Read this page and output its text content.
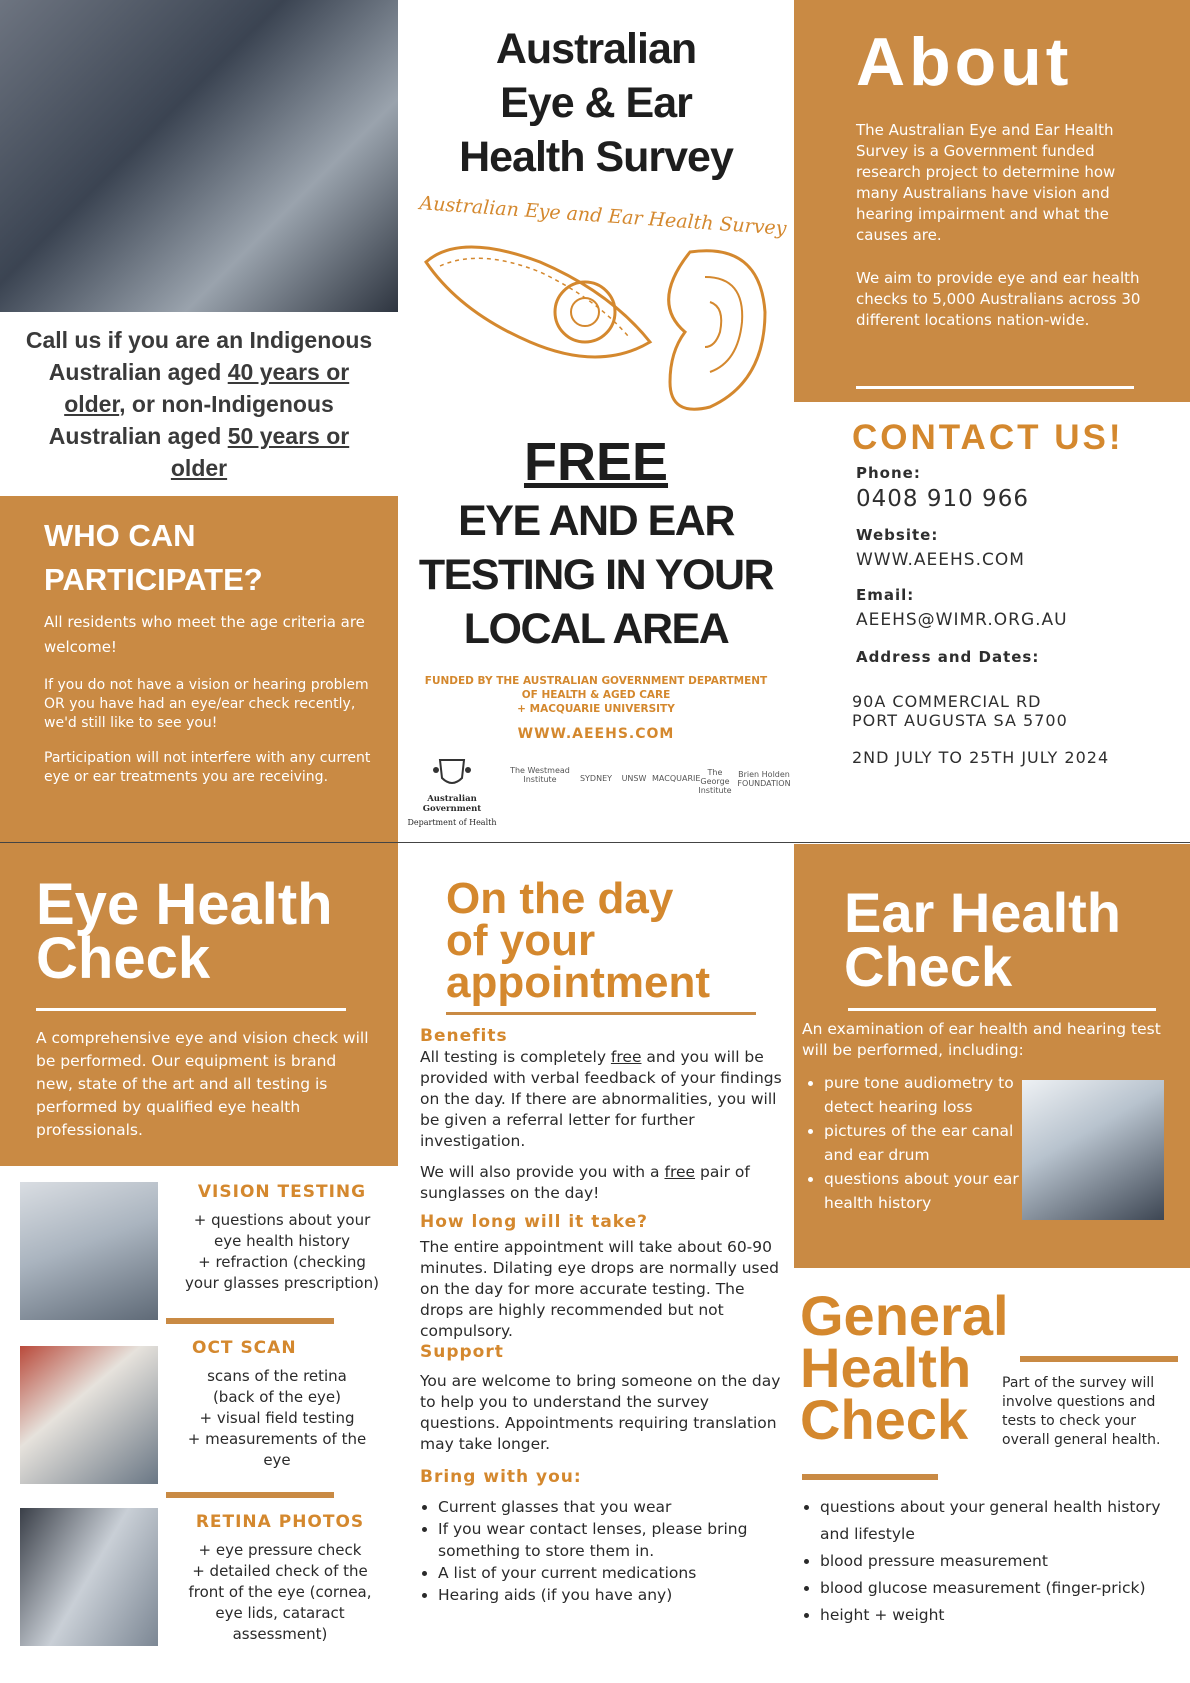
Call us if you are an Indigenous
Australian aged 40 years or
older, or non-Indigenous
Australian aged 50 years or
older
WHO CAN
PARTICIPATE?
All residents who meet the age criteria are welcome!
If you do not have a vision or hearing problem OR you have had an eye/ear check recently, we'd still like to see you!
Participation will not interfere with any current eye or ear treatments you are receiving.
Australian
Eye & Ear
Health Survey
Australian Eye and Ear Health Survey
FREE
EYE AND EAR
TESTING IN YOUR
LOCAL AREA
FUNDED BY THE AUSTRALIAN GOVERNMENT DEPARTMENT
OF HEALTH & AGED CARE
+ MACQUARIE UNIVERSITY
WWW.AEEHS.COM
Australian Government
Department of Health
The Westmead Institute	SYDNEY	UNSW MACQUARIE
The George Institute
Brien Holden FOUNDATION
About
The Australian Eye and Ear Health Survey is a Government funded research project to determine how many Australians have vision and hearing impairment and what the causes are.
We aim to provide eye and ear health checks to 5,000 Australians across 30 different locations nation-wide.
CONTACT US!
Phone:
0408 910 966
Website:
WWW.AEEHS.COM
Email:
AEEHS@WIMR.ORG.AU
Address and Dates:
90A COMMERCIAL RD
PORT AUGUSTA SA 5700
2ND JULY TO 25TH JULY 2024
Eye Health
Check
A comprehensive eye and vision check will be performed. Our equipment is brand new, state of the art and all testing is performed by qualified eye health professionals.
VISION TESTING
+ questions about your
eye health history
+ refraction (checking
your glasses prescription)
OCT SCAN
scans of the retina
(back of the eye)
+ visual field testing
+ measurements of the
eye
RETINA PHOTOS
+ eye pressure check
+ detailed check of the
front of the eye (cornea,
eye lids, cataract
assessment)
On the day
of your
appointment
Benefits
All testing is completely free and you will be provided with verbal feedback of your findings on the day. If there are abnormalities, you will be given a referral letter for further investigation.
We will also provide you with a free pair of sunglasses on the day!
How long will it take?
The entire appointment will take about 60-90 minutes. Dilating eye drops are normally used on the day for more accurate testing. The drops are highly recommended but not compulsory.
Support
You are welcome to bring someone on the day to help you to understand the survey questions. Appointments requiring translation may take longer.
Bring with you:
• Current glasses that you wear
• If you wear contact lenses, please bring something to store them in.
• A list of your current medications
• Hearing aids (if you have any)
Ear Health
Check
An examination of ear health and hearing test will be performed, including:
• pure tone audiometry to detect hearing loss
• pictures of the ear canal and ear drum
• questions about your ear health history
General
Health
Check
Part of the survey will involve questions and tests to check your overall general health.
• questions about your general health history and lifestyle
• blood pressure measurement
• blood glucose measurement (finger-prick)
• height + weight
